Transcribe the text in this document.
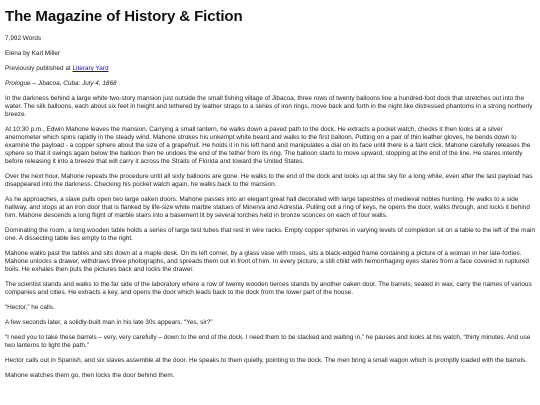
The Magazine of History & Fiction

7,992 Words

Elena by Karl Miller

Previously published at Literary Yard

Prologue – Jibacoa, Cuba: July 4, 1868

In the darkness behind a large white two-story mansion just outside the small fishing village of Jibacoa, three rows of twenty balloons line a hundred-foot dock that stretches out into the water. The silk balloons, each about six feet in height and tethered by leather straps to a series of iron rings, move back and forth in the night like distressed phantoms in a strong northerly breeze.

At 10:30 p.m., Edwin Mahone leaves the mansion. Carrying a small lantern, he walks down a paved path to the dock. He extracts a pocket watch, checks it then looks at a silver anemometer which spins rapidly in the steady wind. Mahone strokes his unkempt white beard and walks to the first balloon. Putting on a pair of thin leather gloves, he bends down to examine the payload - a copper sphere about the size of a grapefruit. He holds it in his left hand and manipulates a dial on its face until there is a faint click. Mahone carefully releases the sphere so that it swings again below the balloon then he undoes the end of the tether from its ring. The balloon starts to move upward, stopping at the end of the line. He stares intently before releasing it into a breeze that will carry it across the Straits of Florida and toward the United States.

Over the next hour, Mahone repeats the procedure until all sixty balloons are gone. He walks to the end of the dock and looks up at the sky for a long while, even after the last payload has disappeared into the darkness. Checking his pocket watch again, he walks back to the mansion.

As he approaches, a slave pulls open two large oaken doors. Mahone passes into an elegant great hall decorated with large tapestries of medieval nobles hunting. He walks to a side hallway, and stops at an iron door that is flanked by life-size white marble statues of Minerva and Adrestia. Pulling out a ring of keys, he opens the door, walks through, and locks it behind him. Mahone descends a long flight of marble stairs into a basement lit by several torches held in bronze sconces on each of four walls.

Dominating the room, a long wooden table holds a series of large test tubes that rest in wire racks. Empty copper spheres in varying levels of completion sit on a table to the left of the main one. A dissecting table lies empty to the right.

Mahone walks past the tables and sits down at a maple desk. On its left corner, by a glass vase with roses, sits a black-edged frame containing a picture of a woman in her late-forties. Mahone unlocks a drawer, withdraws three photographs, and spreads them out in front of him. In every picture, a still child with hemorrhaging eyes stares from a face covered in ruptured boils. He exhales then puts the pictures back and locks the drawer.

The scientist stands and walks to the far side of the laboratory where a row of twenty wooden tierces stands by another oaken door. The barrels, sealed in wax, carry the names of various companies and cities. He extracts a key, and opens the door which leads back to the dock from the lower part of the house.

“Hector,” he calls.

A few seconds later, a solidly-built man in his late 30s appears. “Yes, sir?”

“I need you to take these barrels – very, very carefully – down to the end of the dock. I need them to be stacked and waiting in,” he pauses and looks at his watch, “thirty minutes. And use two lanterns to light the path.”

Hector calls out in Spanish, and six slaves assemble at the door. He speaks to them quietly, pointing to the dock. The men bring a small wagon which is promptly loaded with the barrels.

Mahone watches them go, then locks the door behind them.
